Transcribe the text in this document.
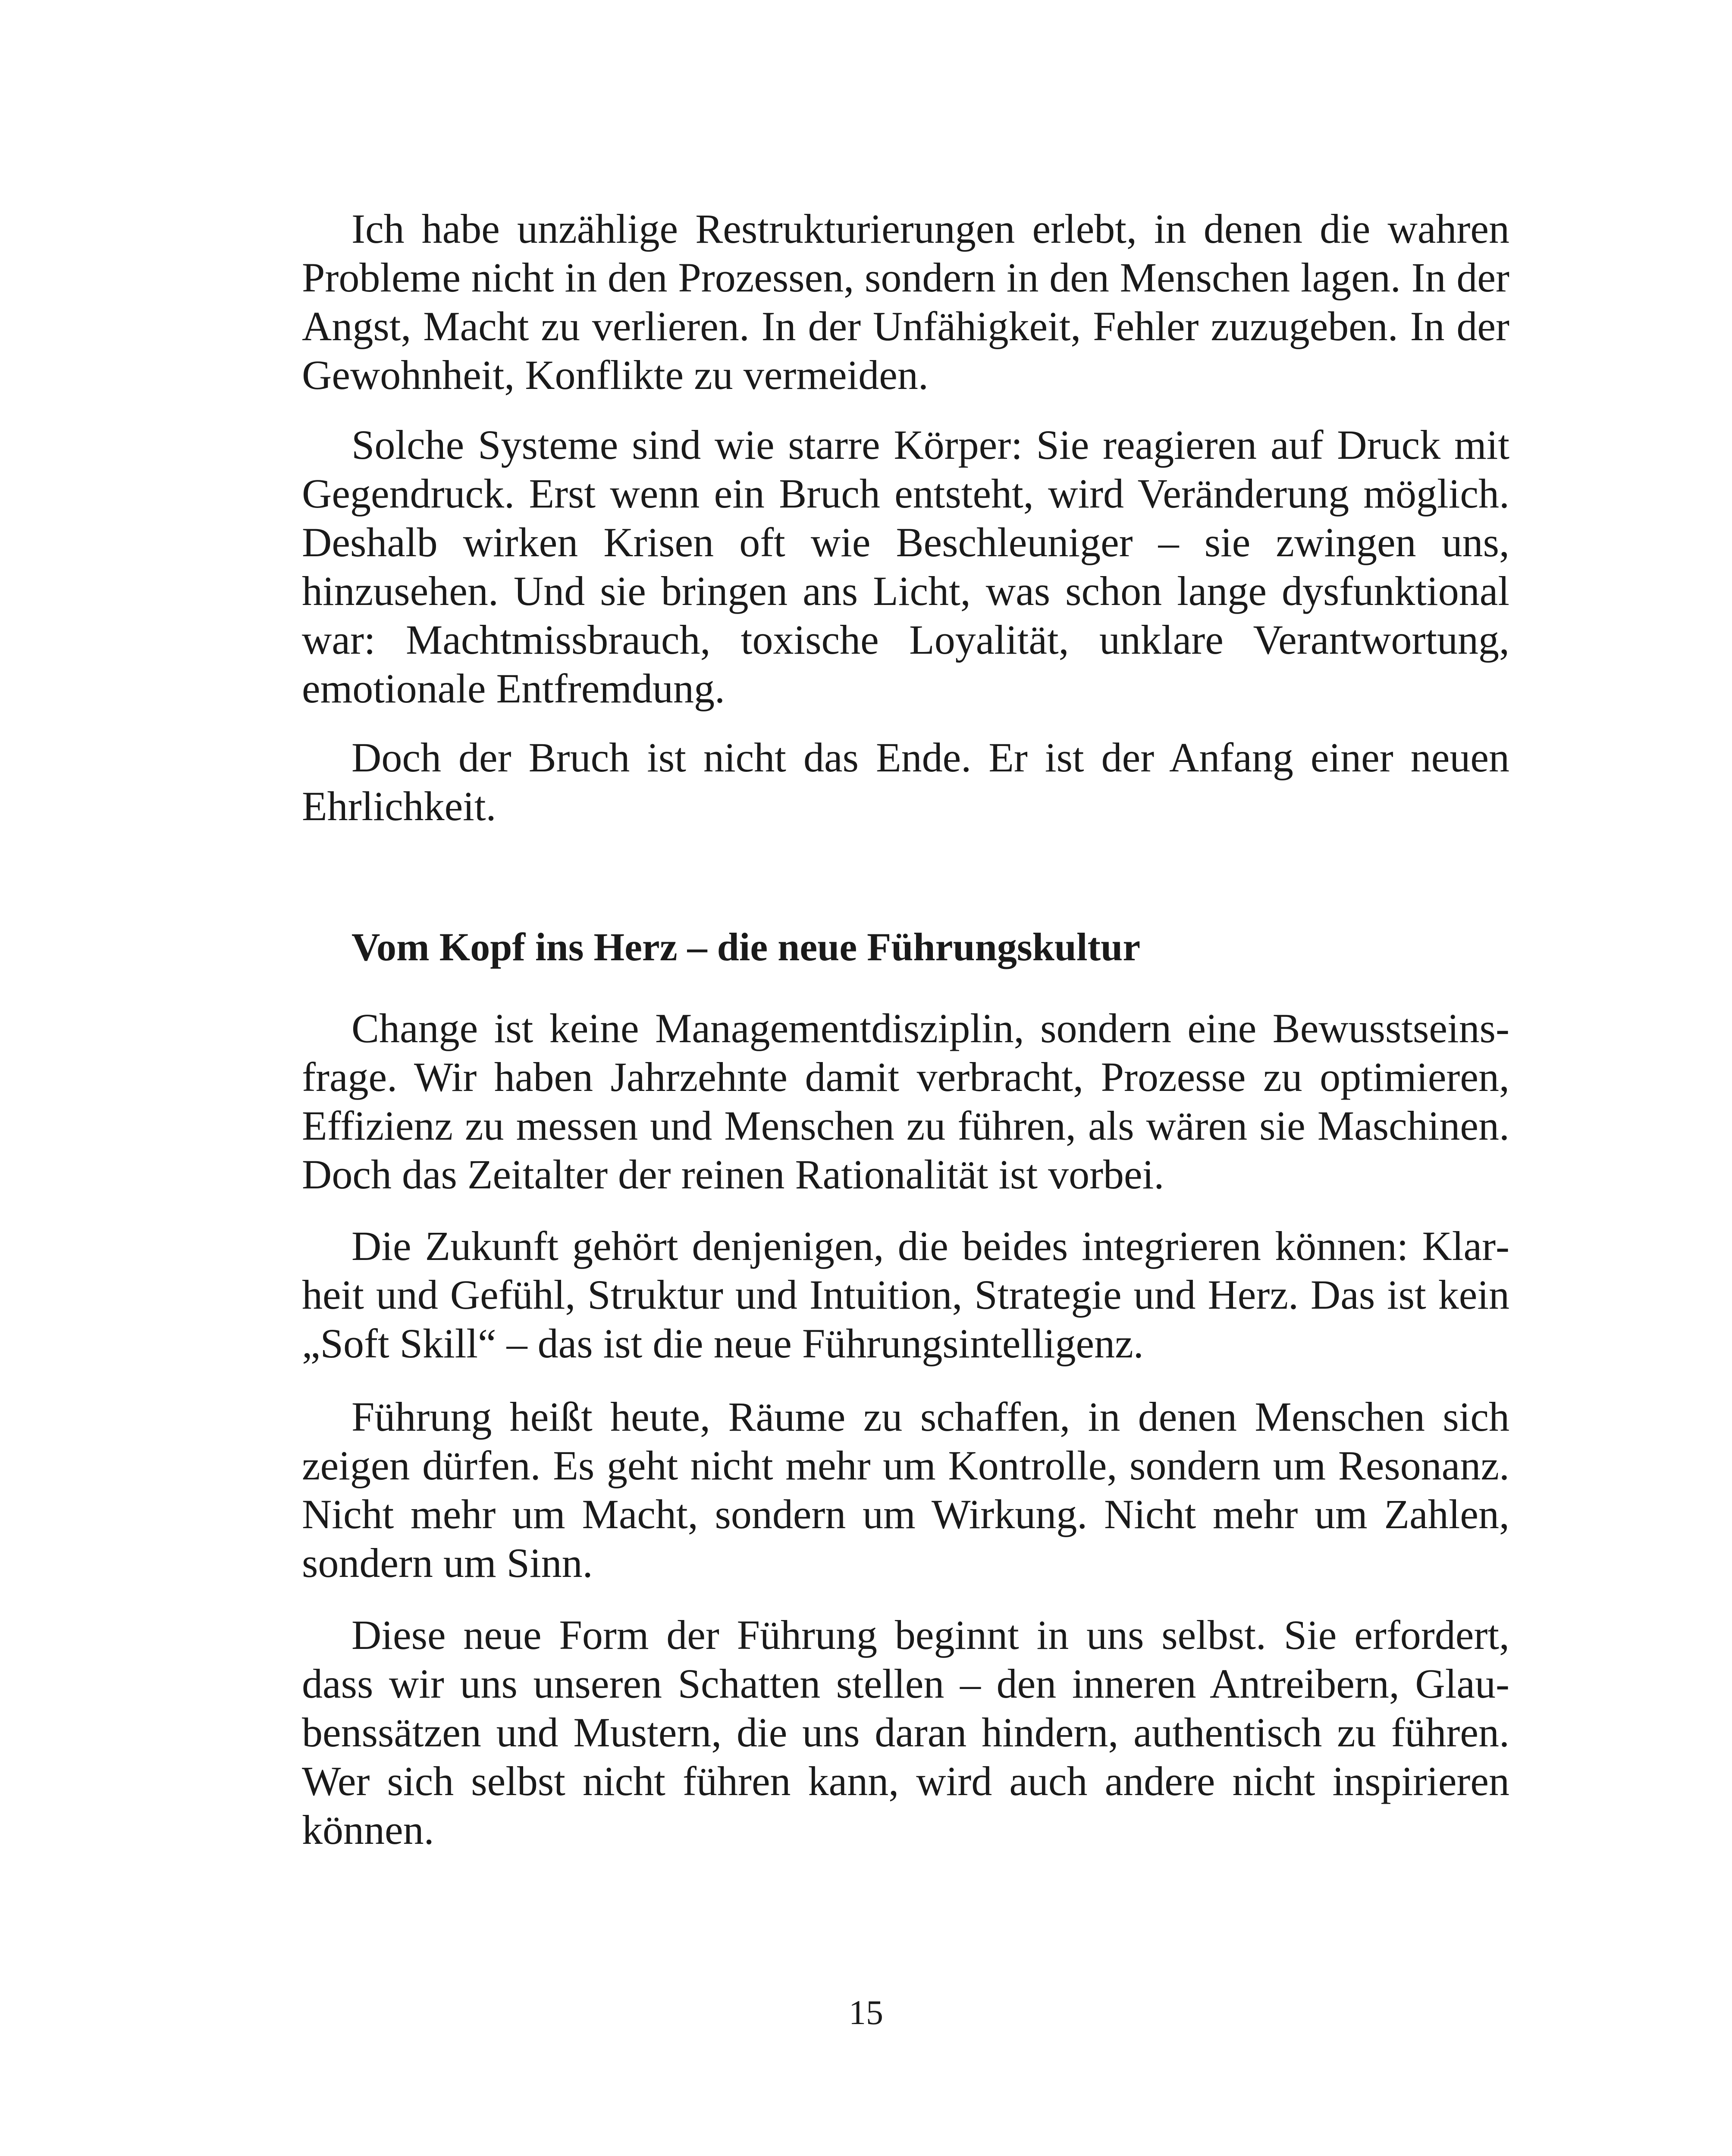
Ich habe unzählige Restrukturierungen erlebt, in denen die wahren Probleme nicht in den Prozessen, sondern in den Menschen lagen. In der Angst, Macht zu verlieren. In der Unfähigkeit, Fehler zuzugeben. In der Gewohnheit, Konflikte zu vermeiden.

Solche Systeme sind wie starre Körper: Sie reagieren auf Druck mit Gegendruck. Erst wenn ein Bruch entsteht, wird Veränderung möglich. Deshalb wirken Krisen oft wie Beschleuniger – sie zwingen uns, hinzusehen. Und sie bringen ans Licht, was schon lange dysfunktional war: Machtmissbrauch, toxische Loyalität, unklare Verantwortung, emotionale Entfremdung.

Doch der Bruch ist nicht das Ende. Er ist der Anfang einer neuen Ehrlichkeit.

Vom Kopf ins Herz – die neue Führungskultur

Change ist keine Managementdisziplin, sondern eine Bewusstseinsfrage. Wir haben Jahrzehnte damit verbracht, Prozesse zu optimieren, Effizienz zu messen und Menschen zu führen, als wären sie Maschinen. Doch das Zeitalter der reinen Rationalität ist vorbei.

Die Zukunft gehört denjenigen, die beides integrieren können: Klarheit und Gefühl, Struktur und Intuition, Strategie und Herz. Das ist kein „Soft Skill“ – das ist die neue Führungsintelligenz.

Führung heißt heute, Räume zu schaffen, in denen Menschen sich zeigen dürfen. Es geht nicht mehr um Kontrolle, sondern um Resonanz. Nicht mehr um Macht, sondern um Wirkung. Nicht mehr um Zahlen, sondern um Sinn.

Diese neue Form der Führung beginnt in uns selbst. Sie erfordert, dass wir uns unseren Schatten stellen – den inneren Antreibern, Glaubenssätzen und Mustern, die uns daran hindern, authentisch zu führen. Wer sich selbst nicht führen kann, wird auch andere nicht inspirieren können.

15
